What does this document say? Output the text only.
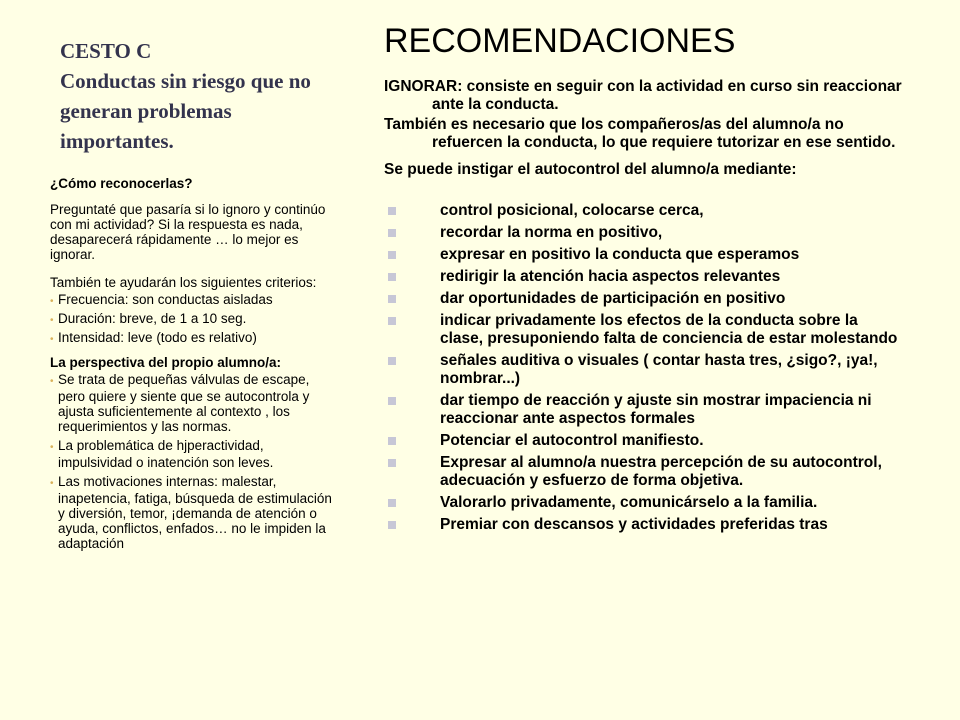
CESTO C
Conductas sin riesgo que no
generan problemas
importantes.

¿Cómo reconocerlas?

Preguntaté que pasaría si lo ignoro y continúo con mi actividad? Si la respuesta es nada, desaparecerá rápidamente … lo mejor es ignorar.

También te ayudarán los siguientes criterios:

• Frecuencia: son conductas aisladas

• Duración: breve, de 1 a 10 seg.

• Intensidad: leve (todo es relativo)

La perspectiva del propio alumno/a:

• Se trata de pequeñas válvulas de escape, pero quiere y siente que se autocontrola y ajusta suficientemente al contexto , los requerimientos y las normas.

• La problemática de hjperactividad, impulsividad o inatención son leves.

• Las motivaciones internas: malestar, inapetencia, fatiga, búsqueda de estimulación y diversión, temor, ¡demanda de atención o ayuda, conflictos, enfados… no le impiden la adaptación

RECOMENDACIONES

IGNORAR: consiste en seguir con la actividad en curso sin reaccionar ante la conducta.

También es necesario que los compañeros/as del alumno/a no refuercen la conducta, lo que requiere tutorizar en ese sentido.

Se puede instigar el autocontrol del alumno/a mediante:

control posicional, colocarse cerca,
recordar la norma en positivo,
expresar en positivo la conducta que esperamos
redirigir la atención hacia aspectos relevantes
dar oportunidades de participación en positivo
indicar privadamente los efectos de la conducta sobre la clase, presuponiendo falta de conciencia de estar molestando
señales auditiva o visuales ( contar hasta tres, ¿sigo?, ¡ya!, nombrar...)
dar tiempo de reacción y ajuste sin mostrar impaciencia ni reaccionar ante aspectos formales
Potenciar el autocontrol manifiesto.
Expresar al alumno/a nuestra percepción de su autocontrol, adecuación y esfuerzo de forma objetiva.
Valorarlo privadamente, comunicárselo a la familia.
Premiar con descansos y actividades preferidas tras
